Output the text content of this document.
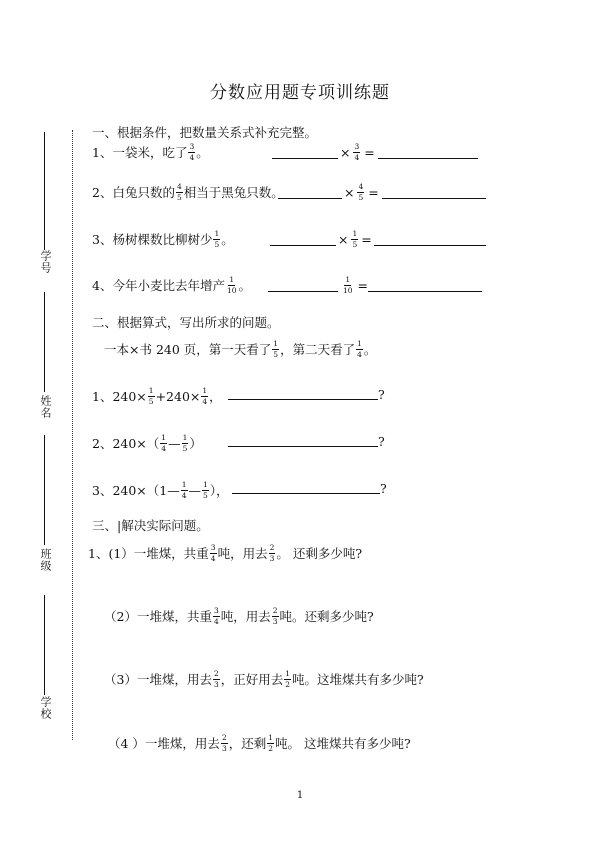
分数应用题专项训练题
学号
姓名
班级
学校
一、根据条件，把数量关系式补充完整。
1、一袋米，吃了 3
4 。	× $\frac{3}{4}$ =
2、白兔只数的 4
5 相当于黑兔只数。	× $\frac{4}{5}$ =
3、杨树棵数比柳树少 1
5 。	× $\frac{1}{5}$ =
4、今年小麦比去年增产 1
10 。	$\frac{1}{10}$ =
二、根据算式，写出所求的问题。
一本×书 240 页，第一天看了 1
5 ，第二天看了 1
4 。
1、$240\times \frac{1}{5} +240\times \frac{1}{4}$ ，	?
2、240×（ 1
4 — 1
5 ）	?
3、240×（1— 1
4 — 1
5 ），	?
三、|解决实际问题。
1、(1）一堆煤，共重 3
4 吨，用去 2
3 。 还剩多少吨?
（2）一堆煤，共重 3
4 吨，用去 2
3 吨。还剩多少吨?
（3）一堆煤，用去 2
3 ，正好用去 1
2 吨。这堆煤共有多少吨?
（4 ）一堆煤，用去 2
3 ，还剩 1
2 吨。 这堆煤共有多少吨?
1
